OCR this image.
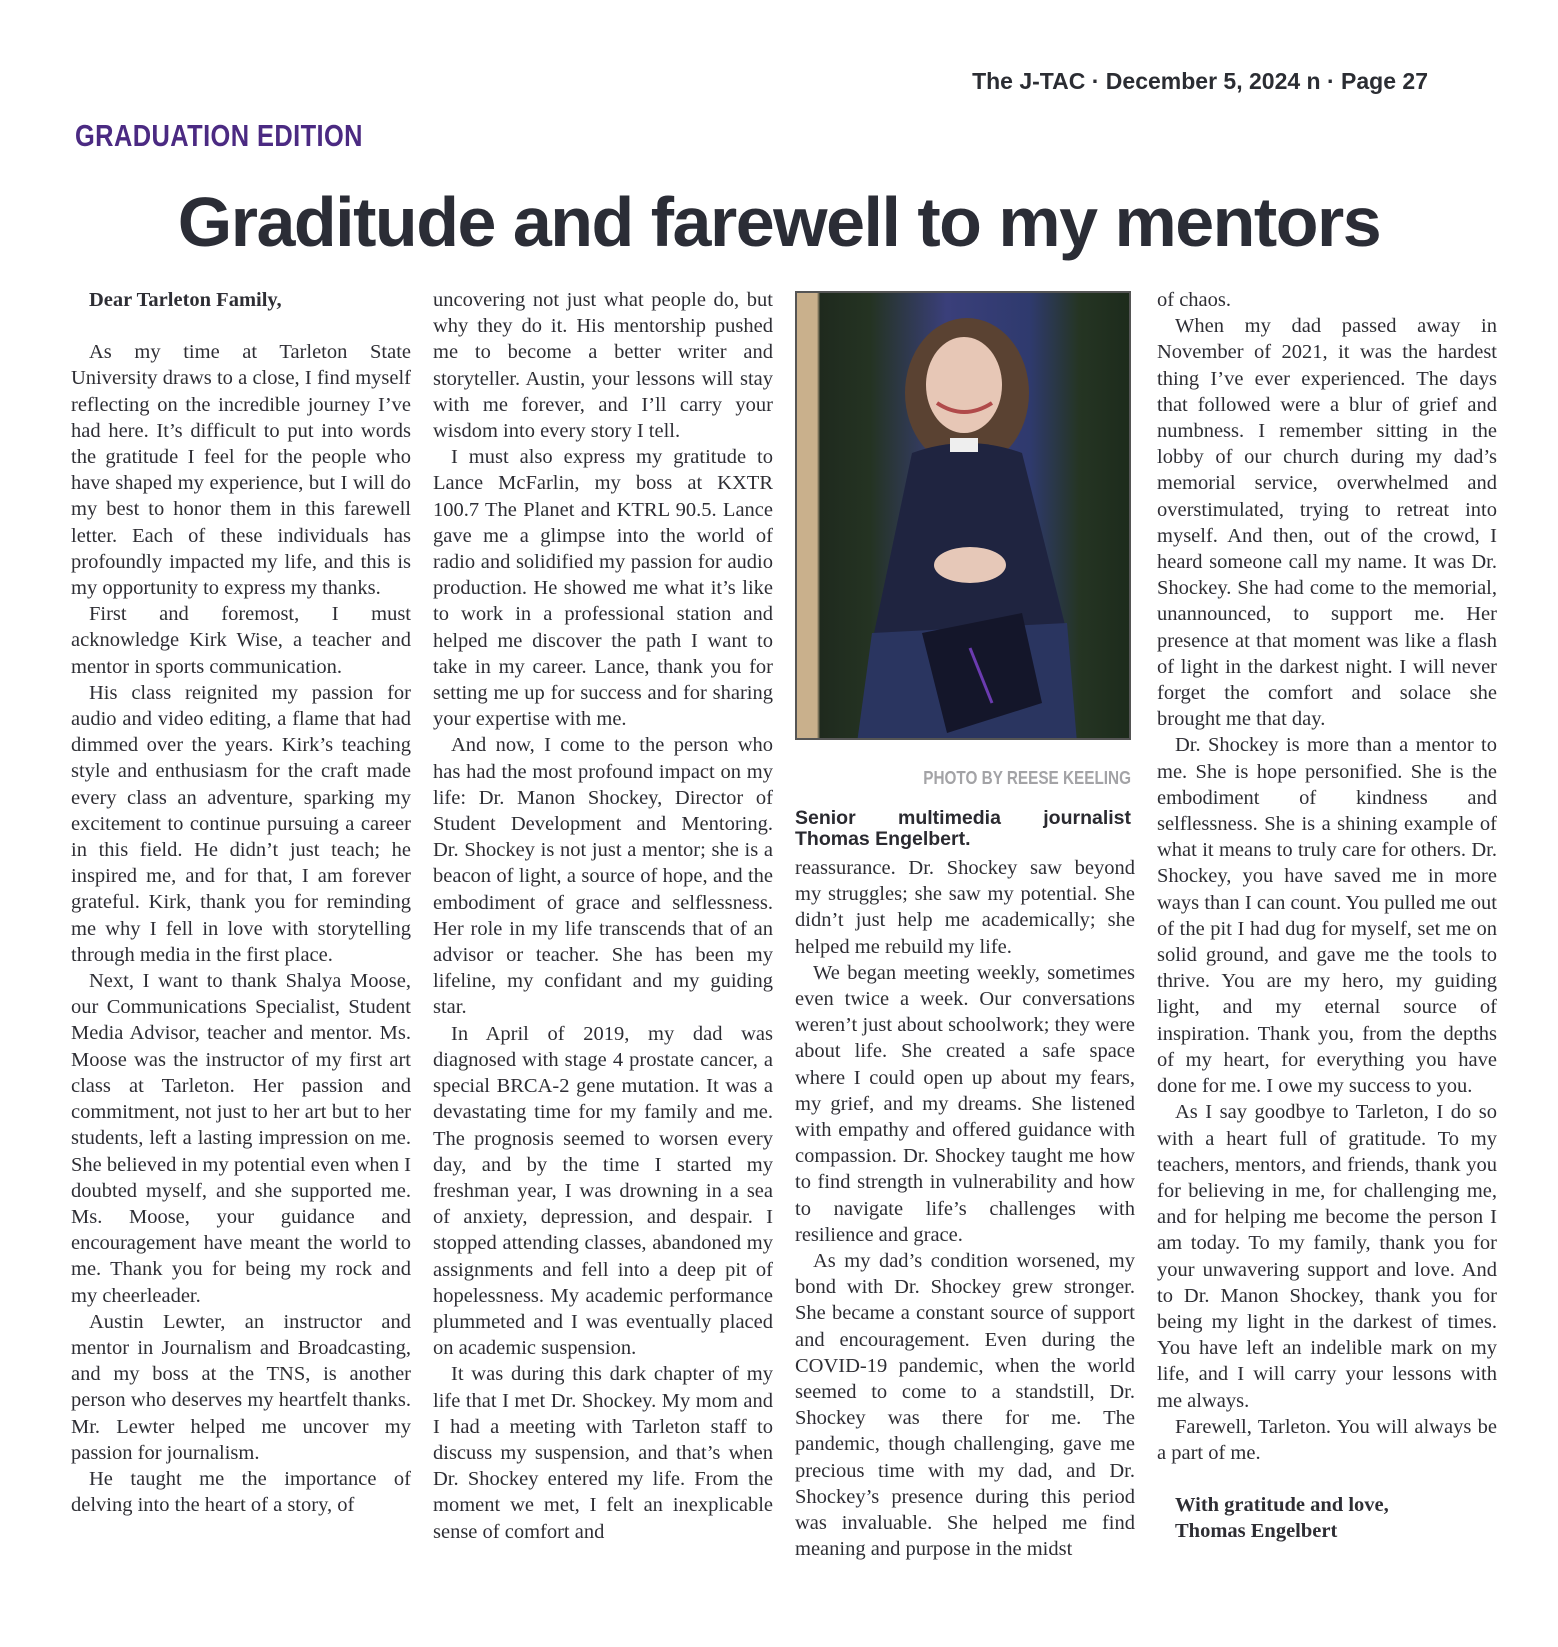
The J-TAC · December 5, 2024 n · Page 27
GRADUATION EDITION
Graditude and farewell to my mentors

Dear Tarleton Family,

As my time at Tarleton State University draws to a close, I find myself reflecting on the incredible journey I’ve had here. It’s difficult to put into words the gratitude I feel for the people who have shaped my experience, but I will do my best to honor them in this farewell letter. Each of these individuals has profoundly impacted my life, and this is my opportunity to express my thanks.

First and foremost, I must acknowledge Kirk Wise, a teacher and mentor in sports communication.

His class reignited my passion for audio and video editing, a flame that had dimmed over the years. Kirk’s teaching style and enthusiasm for the craft made every class an adventure, sparking my excitement to continue pursuing a career in this field. He didn’t just teach; he inspired me, and for that, I am forever grateful. Kirk, thank you for reminding me why I fell in love with storytelling through media in the first place.

Next, I want to thank Shalya Moose, our Communications Specialist, Student Media Advisor, teacher and mentor. Ms. Moose was the instructor of my first art class at Tarleton. Her passion and commitment, not just to her art but to her students, left a lasting impression on me. She believed in my potential even when I doubted myself, and she supported me. Ms. Moose, your guidance and encouragement have meant the world to me. Thank you for being my rock and my cheerleader.

Austin Lewter, an instructor and mentor in Journalism and Broadcasting, and my boss at the TNS, is another person who deserves my heartfelt thanks. Mr. Lewter helped me uncover my passion for journalism.

He taught me the importance of delving into the heart of a story, of

uncovering not just what people do, but why they do it. His mentorship pushed me to become a better writer and storyteller. Austin, your lessons will stay with me forever, and I’ll carry your wisdom into every story I tell.

I must also express my gratitude to Lance McFarlin, my boss at KXTR 100.7 The Planet and KTRL 90.5. Lance gave me a glimpse into the world of radio and solidified my passion for audio production. He showed me what it’s like to work in a professional station and helped me discover the path I want to take in my career. Lance, thank you for setting me up for success and for sharing your expertise with me.

And now, I come to the person who has had the most profound impact on my life: Dr. Manon Shockey, Director of Student Development and Mentoring. Dr. Shockey is not just a mentor; she is a beacon of light, a source of hope, and the embodiment of grace and selflessness. Her role in my life transcends that of an advisor or teacher. She has been my lifeline, my confidant and my guiding star.

In April of 2019, my dad was diagnosed with stage 4 prostate cancer, a special BRCA-2 gene mutation. It was a devastating time for my family and me. The prognosis seemed to worsen every day, and by the time I started my freshman year, I was drowning in a sea of anxiety, depression, and despair. I stopped attending classes, abandoned my assignments and fell into a deep pit of hopelessness. My academic performance plummeted and I was eventually placed on academic suspension.

It was during this dark chapter of my life that I met Dr. Shockey. My mom and I had a meeting with Tarleton staff to discuss my suspension, and that’s when Dr. Shockey entered my life. From the moment we met, I felt an inexplicable sense of comfort and

PHOTO BY REESE KEELING
Senior multimedia journalist Thomas Engelbert.

reassurance. Dr. Shockey saw beyond my struggles; she saw my potential. She didn’t just help me academically; she helped me rebuild my life.

We began meeting weekly, sometimes even twice a week. Our conversations weren’t just about schoolwork; they were about life. She created a safe space where I could open up about my fears, my grief, and my dreams. She listened with empathy and offered guidance with compassion. Dr. Shockey taught me how to find strength in vulnerability and how to navigate life’s challenges with resilience and grace.

As my dad’s condition worsened, my bond with Dr. Shockey grew stronger. She became a constant source of support and encouragement. Even during the COVID-19 pandemic, when the world seemed to come to a standstill, Dr. Shockey was there for me. The pandemic, though challenging, gave me precious time with my dad, and Dr. Shockey’s presence during this period was invaluable. She helped me find meaning and purpose in the midst

of chaos.

When my dad passed away in November of 2021, it was the hardest thing I’ve ever experienced. The days that followed were a blur of grief and numbness. I remember sitting in the lobby of our church during my dad’s memorial service, overwhelmed and overstimulated, trying to retreat into myself. And then, out of the crowd, I heard someone call my name. It was Dr. Shockey. She had come to the memorial, unannounced, to support me. Her presence at that moment was like a flash of light in the darkest night. I will never forget the comfort and solace she brought me that day.

Dr. Shockey is more than a mentor to me. She is hope personified. She is the embodiment of kindness and selflessness. She is a shining example of what it means to truly care for others. Dr. Shockey, you have saved me in more ways than I can count. You pulled me out of the pit I had dug for myself, set me on solid ground, and gave me the tools to thrive. You are my hero, my guiding light, and my eternal source of inspiration. Thank you, from the depths of my heart, for everything you have done for me. I owe my success to you.

As I say goodbye to Tarleton, I do so with a heart full of gratitude. To my teachers, mentors, and friends, thank you for believing in me, for challenging me, and for helping me become the person I am today. To my family, thank you for your unwavering support and love. And to Dr. Manon Shockey, thank you for being my light in the darkest of times. You have left an indelible mark on my life, and I will carry your lessons with me always.

Farewell, Tarleton. You will always be a part of me.

With gratitude and love,

Thomas Engelbert
